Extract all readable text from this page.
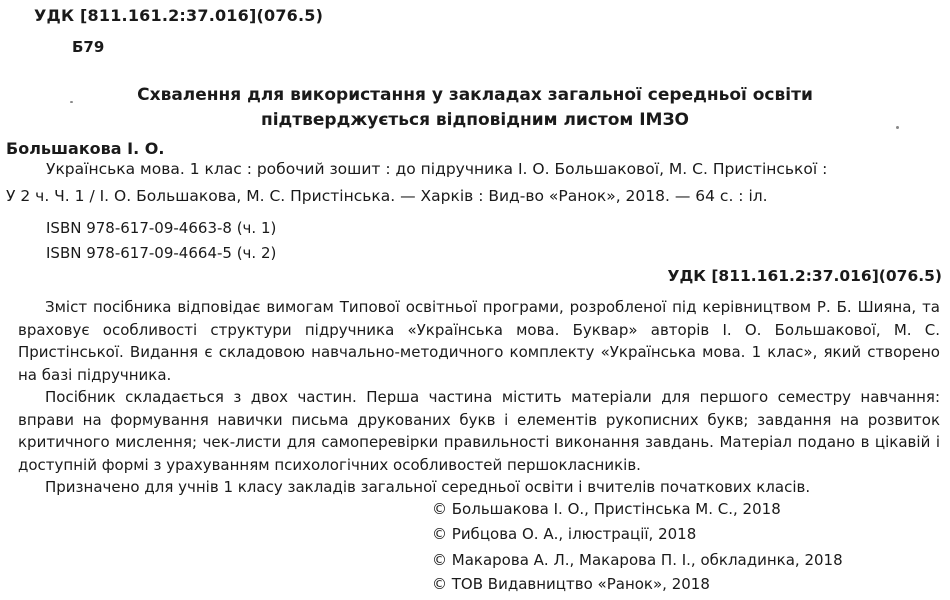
УДК [811.161.2:37.016](076.5)
Б79
Схвалення для використання у закладах загальної середньої освіти
підтверджується відповідним листом ІМЗО
Большакова І. О.
Українська мова. 1 клас : робочий зошит : до підручника І. О. Большакової, М. С. Пристінської :
У 2 ч. Ч. 1 / І. О. Большакова, М. С. Пристінська. — Харків : Вид-во «Ранок», 2018. — 64 с. : іл.
ISBN 978-617-09-4663-8 (ч. 1)
ISBN 978-617-09-4664-5 (ч. 2)
УДК [811.161.2:37.016](076.5)
Зміст посібника відповідає вимогам Типової освітньої програми, розробленої під керівництвом Р. Б. Шияна, та враховує особливості структури підручника «Українська мова. Буквар» авторів І. О. Большакової, М. С. Пристінської. Видання є складовою навчально-методичного комплекту «Українська мова. 1 клас», який створено на базі підручника.
Посібник складається з двох частин. Перша частина містить матеріали для першого семестру навчання: вправи на формування навички письма друкованих букв і елементів рукописних букв; завдання на розвиток критичного мислення; чек-листи для самоперевірки правильності виконання завдань. Матеріал подано в цікавій і доступній формі з урахуванням психологічних особливостей першокласників.
Призначено для учнів 1 класу закладів загальної середньої освіти і вчителів початкових класів.
© Большакова І. О., Пристінська М. С., 2018
© Рибцова О. А., ілюстрації, 2018
© Макарова А. Л., Макарова П. І., обкладинка, 2018
© ТОВ Видавництво «Ранок», 2018
